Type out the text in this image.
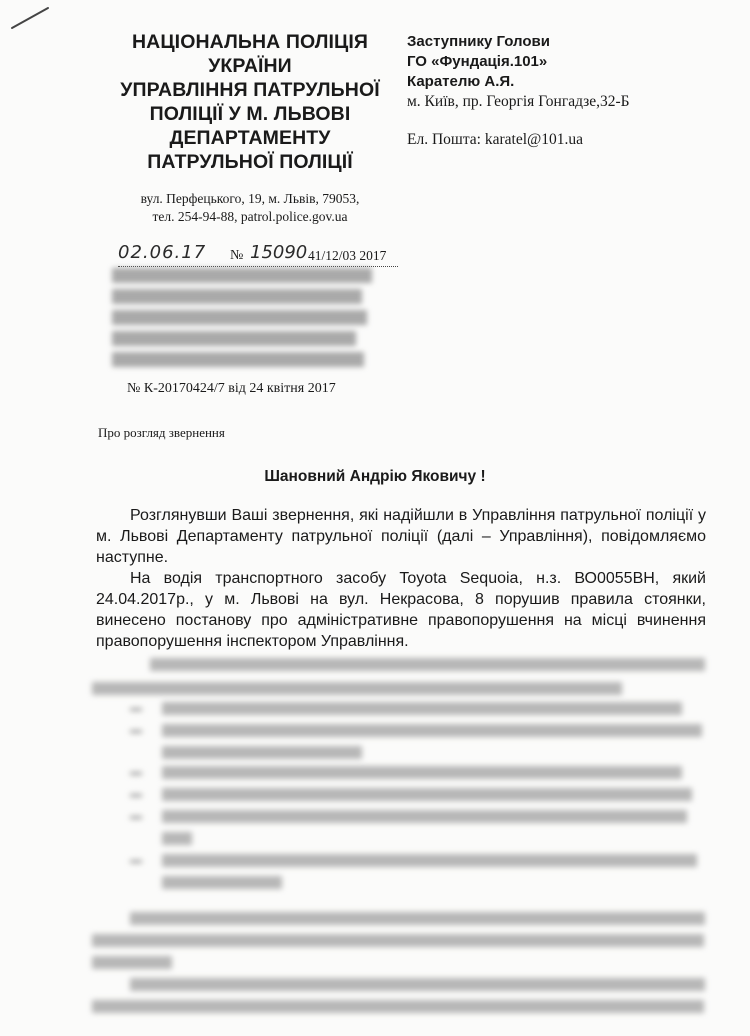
НАЦІОНАЛЬНА ПОЛІЦІЯ
УКРАЇНИ
УПРАВЛІННЯ ПАТРУЛЬНОЇ
ПОЛІЦІЇ У М. ЛЬВОВІ
ДЕПАРТАМЕНТУ
ПАТРУЛЬНОЇ ПОЛІЦІЇ
вул. Перфецького, 19, м. Львів, 79053,
тел. 254-94-88, patrol.police.gov.ua
02.06.17 № 15090 41/12/03 2017
№ К-20170424/7 від 24 квітня 2017
Заступнику Голови
ГО «Фундація.101»
Карателю А.Я.
м. Київ, пр. Георгія Гонгадзе,32-Б
Ел. Пошта: karatel@101.ua
Про розгляд звернення
Шановний Андрію Яковичу !

Розглянувши Ваші звернення, які надійшли в Управління патрульної поліції у м. Львові Департаменту патрульної поліції (далі – Управління), повідомляємо наступне.

На водія транспортного засобу Toyota Sequoia, н.з. ВО0055ВН, який 24.04.2017р., у м. Львові на вул. Некрасова, 8 порушив правила стоянки, винесено постанову про адміністративне правопорушення на місці вчинення правопорушення інспектором Управління.
